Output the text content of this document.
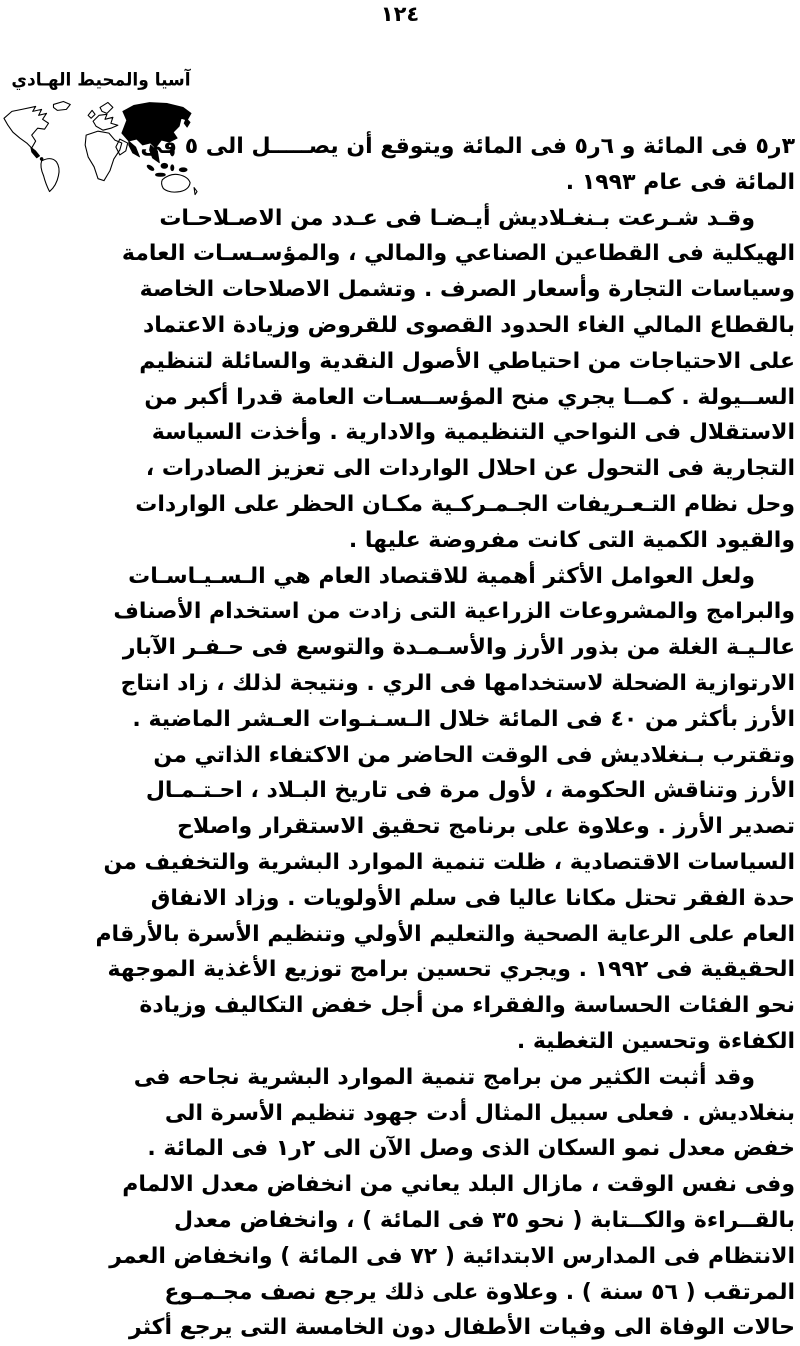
١٢٤
آسيا والمحيط الهـادي
٣ر٥ فى المائة و ٦ر٥ فى المائة ويتوقع أن يصـــــل الى ٥ فى
المائة فى عام ١٩٩٣ .
وقـد شـرعت بـنغـلاديش أيـضـا فى عـدد من الاصـلاحـات
الهيكلية فى القطاعين الصناعي والمالي ، والمؤسـسـات العامة
وسياسات التجارة وأسعار الصرف . وتشمل الاصلاحات الخاصة
بالقطاع المالي الغاء الحدود القصوى للقروض وزيادة الاعتماد
على الاحتياجات من احتياطي الأصول النقدية والسائلة لتنظيم
الســيولة . كمــا يجري منح المؤســسـات العامة قدرا أكبر من
الاستقلال فى النواحي التنظيمية والادارية . وأخذت السياسة
التجارية فى التحول عن احلال الواردات الى تعزيز الصادرات ،
وحل نظام التـعـريفات الجـمـركـية مكـان الحظر على الواردات
والقيود الكمية التى كانت مفروضة عليها .
ولعل العوامل الأكثر أهمية للاقتصاد العام هي الـسـيـاسـات
والبرامج والمشروعات الزراعية التى زادت من استخدام الأصناف
عالـيـة الغلة من بذور الأرز والأسـمـدة والتوسع فى حـفـر الآبار
الارتوازية الضحلة لاستخدامها فى الري . ونتيجة لذلك ، زاد انتاج
الأرز بأكثر من ٤٠ فى المائة خلال الـسـنـوات العـشر الماضية .
وتقترب بـنغلاديش فى الوقت الحاضر من الاكتفاء الذاتي من
الأرز وتناقش الحكومة ، لأول مرة فى تاريخ البـلاد ، احـتـمـال
تصدير الأرز . وعلاوة على برنامج تحقيق الاستقرار واصلاح
السياسات الاقتصادية ، ظلت تنمية الموارد البشرية والتخفيف من
حدة الفقر تحتل مكانا عاليا فى سلم الأولويات . وزاد الانفاق
العام على الرعاية الصحية والتعليم الأولي وتنظيم الأسرة بالأرقام
الحقيقية فى ١٩٩٢ . ويجري تحسين برامج توزيع الأغذية الموجهة
نحو الفئات الحساسة والفقراء من أجل خفض التكاليف وزيادة
الكفاءة وتحسين التغطية .
وقد أثبت الكثير من برامج تنمية الموارد البشرية نجاحه فى
بنغلاديش . فعلى سبيل المثال أدت جهود تنظيم الأسرة الى
خفض معدل نمو السكان الذى وصل الآن الى ٢ر١ فى المائة .
وفى نفس الوقت ، مازال البلد يعاني من انخفاض معدل الالمام
بالقــراءة والكــتابة ( نحو ٣٥ فى المائة ) ، وانخفاض معدل
الانتظام فى المدارس الابتدائية ( ٧٢ فى المائة ) وانخفاض العمر
المرتقب ( ٥٦ سنة ) . وعلاوة على ذلك يرجع نصف مجـمـوع
حالات الوفاة الى وفيات الأطفال دون الخامسة التى يرجع أكثر
